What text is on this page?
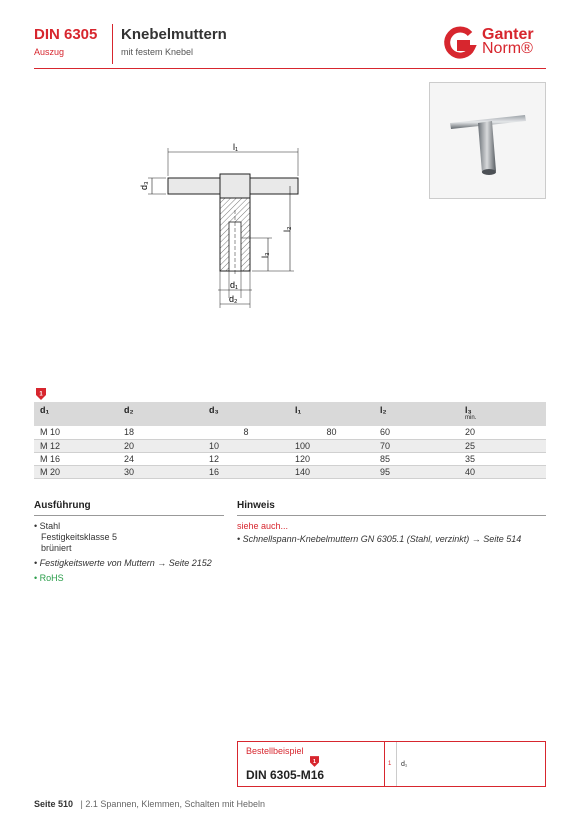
DIN 6305
Auszug
Knebelmuttern
mit festem Knebel
Ganter
Norm®
l₁
d₃
l₂
l₃
d₁
d₂
1
d₁	d₂	d₃	l₁	l₂	l₃
min.

M 10	18	8	80	60	20
M 12	20	10	100	70	25
M 16	24	12	120	85	35
M 20	30	16	140	95	40
Ausführung
• Stahl
Festigkeitsklasse 5
brüniert
• Festigkeitswerte von Muttern → Seite 2152
• RoHS
Hinweis
siehe auch...
• Schnellspann-Knebelmuttern GN 6305.1 (Stahl, verzinkt) → Seite 514
Bestellbeispiel
1
DIN 6305-M16
1 d₁
Seite 510 | 2.1 Spannen, Klemmen, Schalten mit Hebeln
